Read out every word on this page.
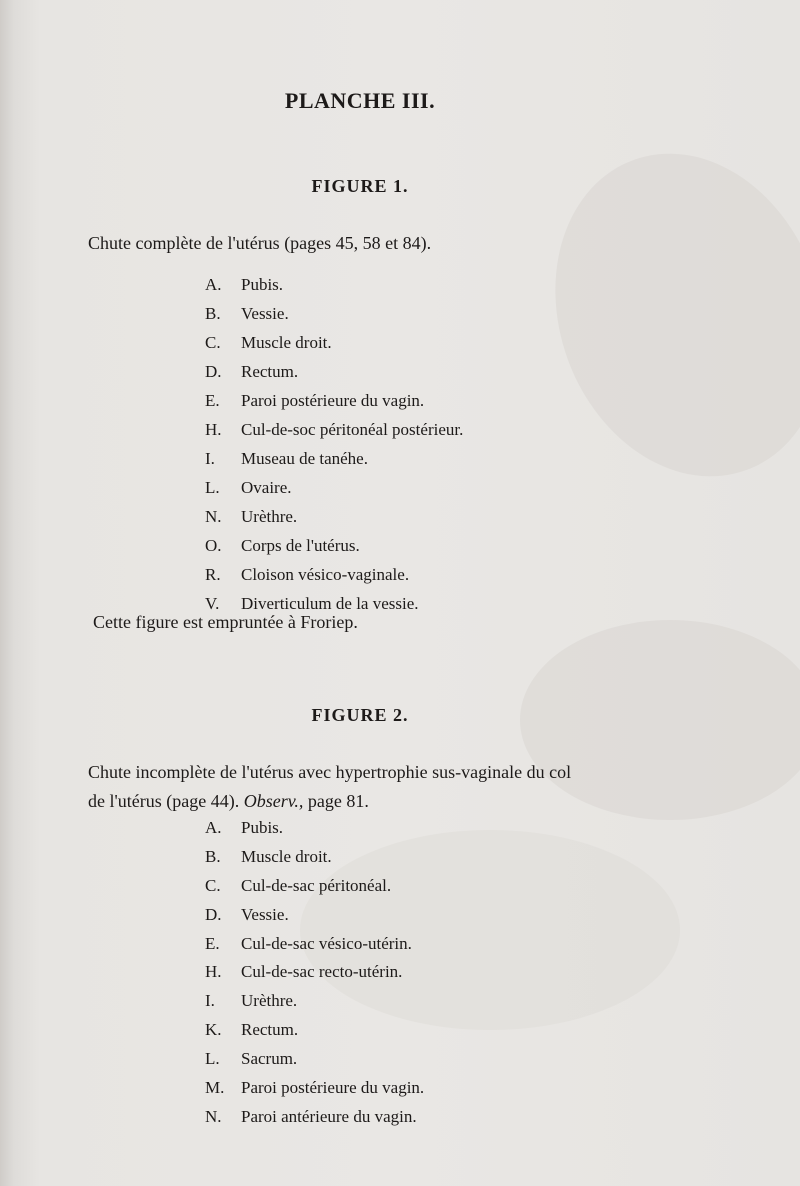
PLANCHE III.
FIGURE 1.
Chute complète de l'utérus (pages 45, 58 et 84).
A. Pubis.
B. Vessie.
C. Muscle droit.
D. Rectum.
E. Paroi postérieure du vagin.
H. Cul-de-soc péritonéal postérieur.
I. Museau de tanéhe.
L. Ovaire.
N. Urèthre.
O. Corps de l'utérus.
R. Cloison vésico-vaginale.
V. Diverticulum de la vessie.
Cette figure est empruntée à Froriep.
FIGURE 2.
Chute incomplète de l'utérus avec hypertrophie sus-vaginale du col
de l'utérus (page 44). Observ., page 81.
A. Pubis.
B. Muscle droit.
C. Cul-de-sac péritonéal.
D. Vessie.
E. Cul-de-sac vésico-utérin.
H. Cul-de-sac recto-utérin.
I. Urèthre.
K. Rectum.
L. Sacrum.
M. Paroi postérieure du vagin.
N. Paroi antérieure du vagin.
